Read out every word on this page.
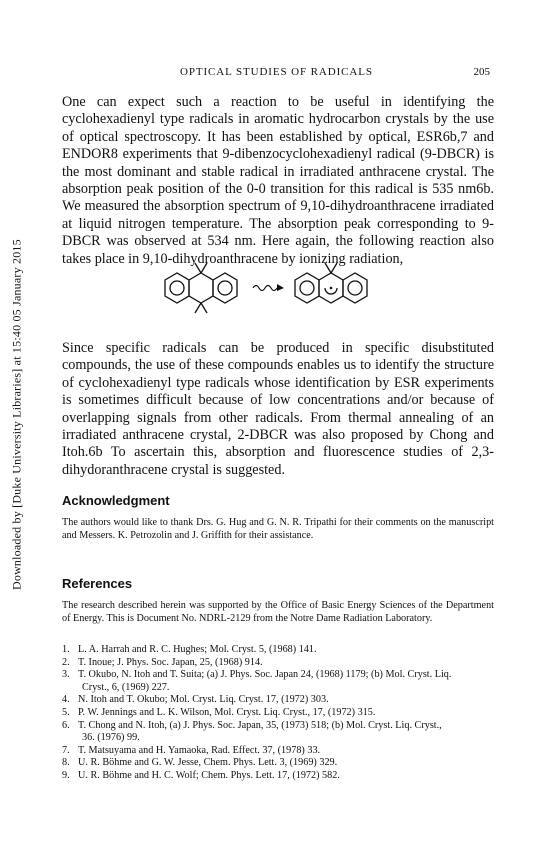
Downloaded by [Duke University Libraries] at 15:40 05 January 2015
OPTICAL STUDIES OF RADICALS	205

One can expect such a reaction to be useful in identifying the cyclohexadienyl type radicals in aromatic hydrocarbon crystals by the use of optical spectroscopy. It has been established by optical, ESR6b,7 and ENDOR8 experiments that 9-dibenzocyclohexadienyl radical (9-DBCR) is the most dominant and stable radical in irradiated anthracene crystal. The absorption peak position of the 0-0 transition for this radical is 535 nm6b. We measured the absorption spectrum of 9,10-dihydroanthracene irradiated at liquid nitrogen temperature. The absorption peak corresponding to 9-DBCR was observed at 534 nm. Here again, the following reaction also takes place in 9,10-dihydroanthracene by ionizing radiation,

Since specific radicals can be produced in specific disubstituted compounds, the use of these compounds enables us to identify the structure of cyclohexadienyl type radicals whose identification by ESR experiments is sometimes difficult because of low concentrations and/or because of overlapping signals from other radicals. From thermal annealing of an irradiated anthracene crystal, 2-DBCR was also proposed by Chong and Itoh.6b To ascertain this, absorption and fluorescence studies of 2,3-dihydoranthracene crystal is suggested.

Acknowledgment

The authors would like to thank Drs. G. Hug and G. N. R. Tripathi for their comments on the manuscript and Messers. K. Petrozolin and J. Griffith for their assistance.

References

The research described herein was supported by the Office of Basic Energy Sciences of the Department of Energy. This is Document No. NDRL-2129 from the Notre Dame Radiation Laboratory.

1. L. A. Harrah and R. C. Hughes; Mol. Cryst. 5, (1968) 141.
2. T. Inoue; J. Phys. Soc. Japan, 25, (1968) 914.
3. T. Okubo, N. Itoh and T. Suita; (a) J. Phys. Soc. Japan 24, (1968) 1179; (b) Mol. Cryst. Liq.
Cryst., 6, (1969) 227.
4. N. Itoh and T. Okubo; Mol. Cryst. Liq. Cryst. 17, (1972) 303.
5. P. W. Jennings and L. K. Wilson, Mol. Cryst. Liq. Cryst., 17, (1972) 315.
6. T. Chong and N. Itoh, (a) J. Phys. Soc. Japan, 35, (1973) 518; (b) Mol. Cryst. Liq. Cryst.,
36. (1976) 99.
7. T. Matsuyama and H. Yamaoka, Rad. Effect. 37, (1978) 33.
8. U. R. Böhme and G. W. Jesse, Chem. Phys. Lett. 3, (1969) 329.
9. U. R. Böhme and H. C. Wolf; Chem. Phys. Lett. 17, (1972) 582.
